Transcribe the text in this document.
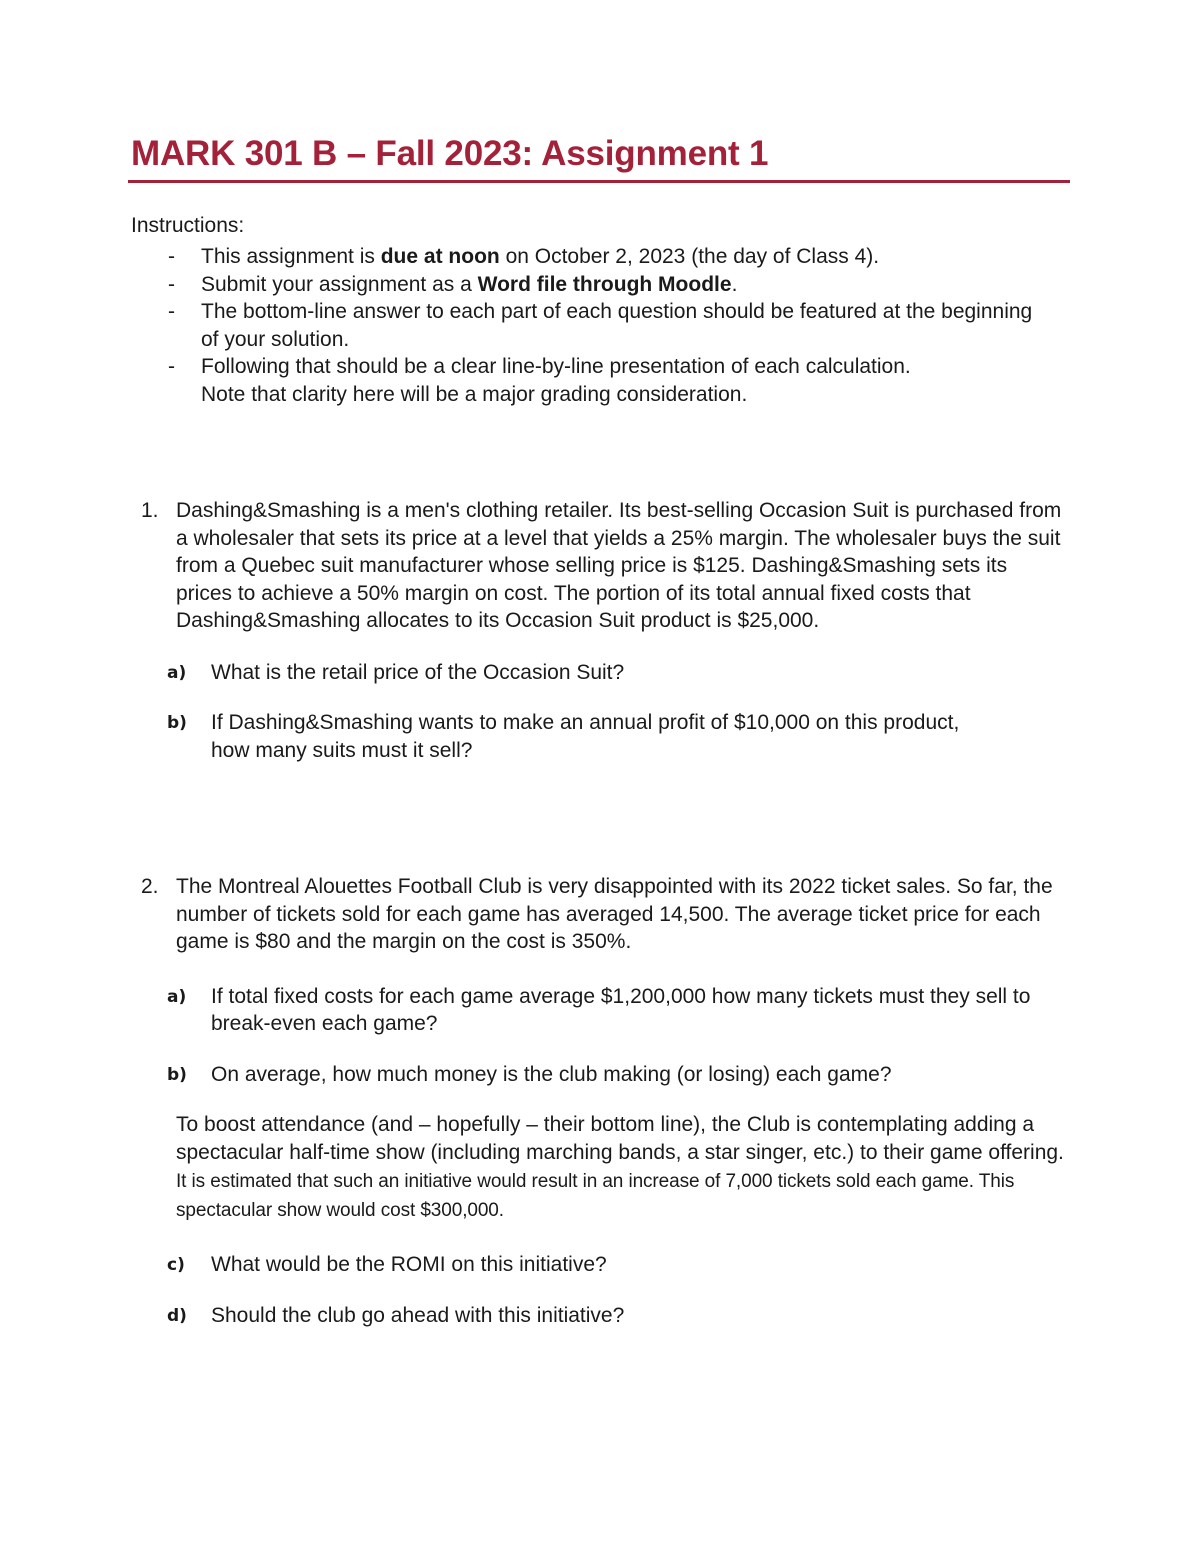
MARK 301 B – Fall 2023: Assignment 1
Instructions:
- This assignment is due at noon on October 2, 2023 (the day of Class 4).
- Submit your assignment as a Word file through Moodle.
- The bottom-line answer to each part of each question should be featured at the beginning of your solution.
- Following that should be a clear line-by-line presentation of each calculation.
Note that clarity here will be a major grading consideration.
1. Dashing&Smashing is a men's clothing retailer. Its best-selling Occasion Suit is purchased from a wholesaler that sets its price at a level that yields a 25% margin. The wholesaler buys the suit from a Quebec suit manufacturer whose selling price is $125. Dashing&Smashing sets its prices to achieve a 50% margin on cost. The portion of its total annual fixed costs that Dashing&Smashing allocates to its Occasion Suit product is $25,000.
a) What is the retail price of the Occasion Suit?
b) If Dashing&Smashing wants to make an annual profit of $10,000 on this product, how many suits must it sell?
2. The Montreal Alouettes Football Club is very disappointed with its 2022 ticket sales. So far, the number of tickets sold for each game has averaged 14,500. The average ticket price for each game is $80 and the margin on the cost is 350%.
a) If total fixed costs for each game average $1,200,000 how many tickets must they sell to break-even each game?
b) On average, how much money is the club making (or losing) each game?
To boost attendance (and – hopefully – their bottom line), the Club is contemplating adding a spectacular half-time show (including marching bands, a star singer, etc.) to their game offering. It is estimated that such an initiative would result in an increase of 7,000 tickets sold each game. This spectacular show would cost $300,000.
c) What would be the ROMI on this initiative?
d) Should the club go ahead with this initiative?
